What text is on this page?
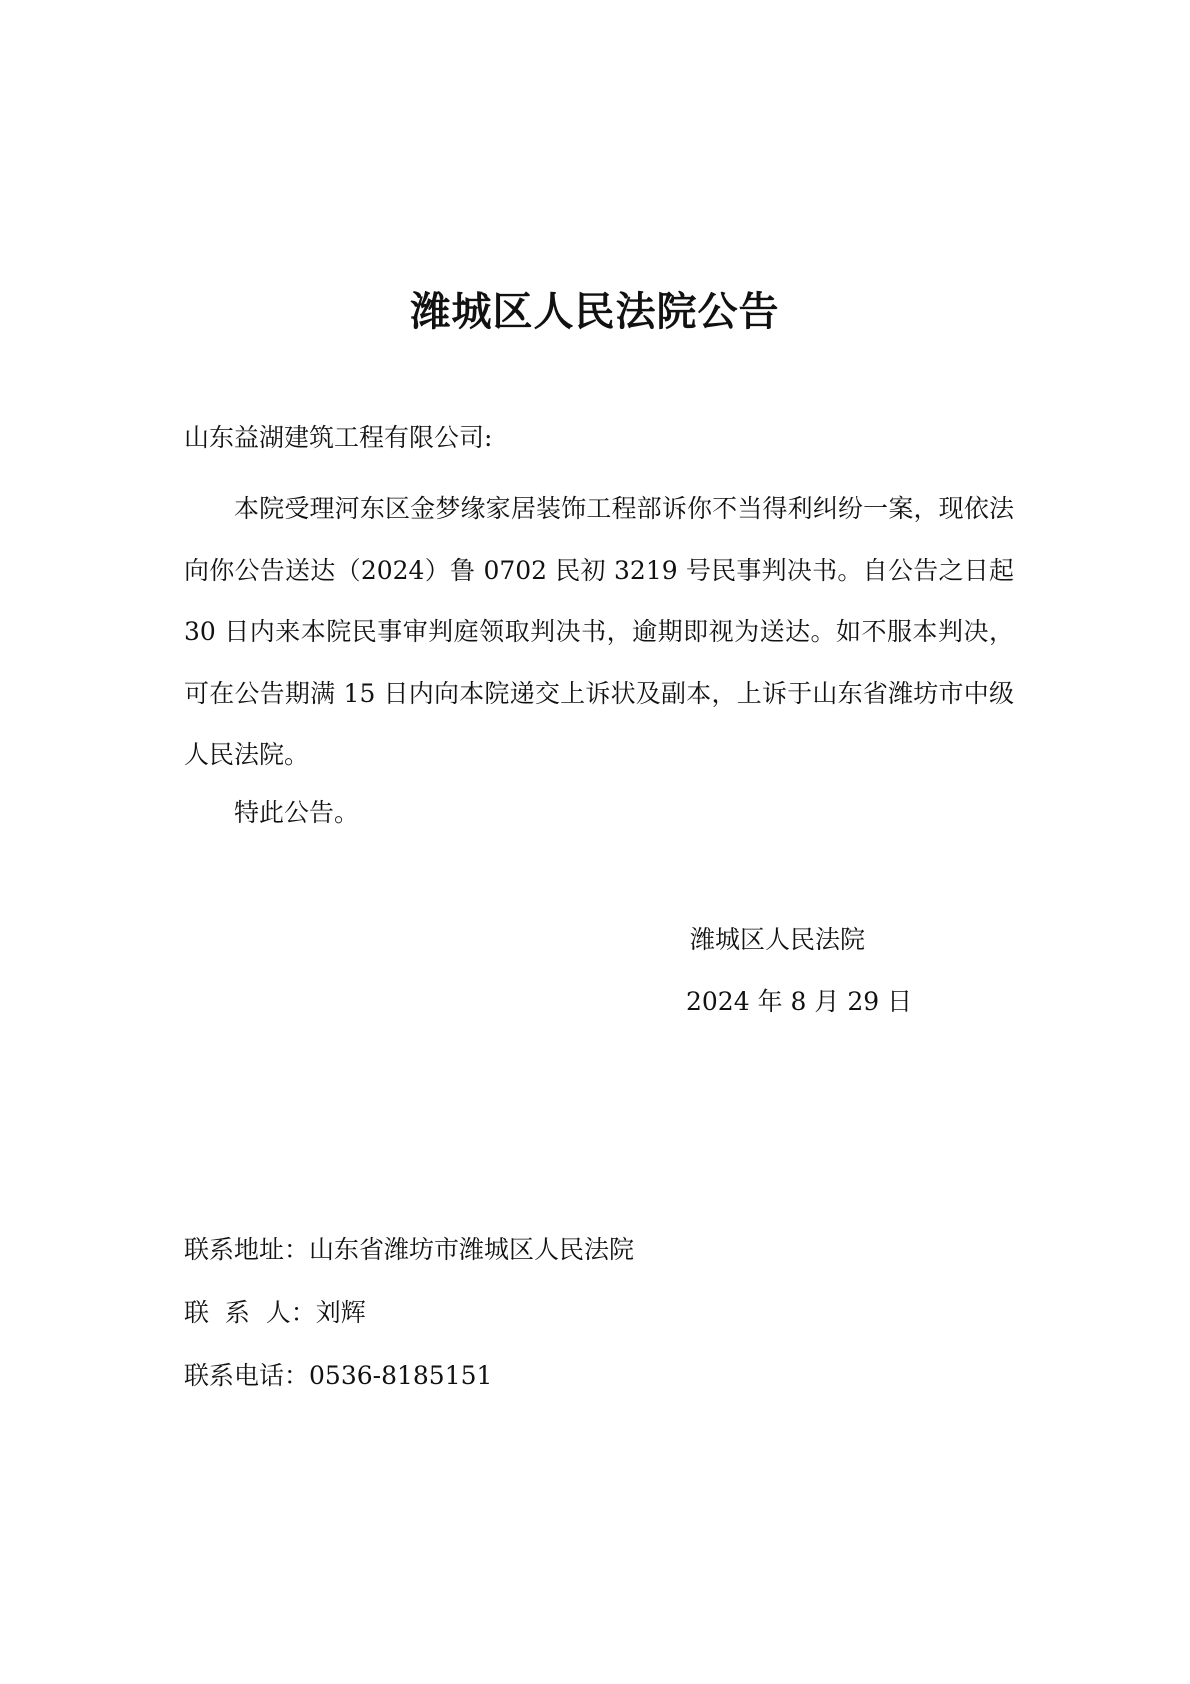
潍城区人民法院公告
山东益湖建筑工程有限公司:

本院受理河东区金梦缘家居装饰工程部诉你不当得利纠纷一案，现依法向你公告送达（2024）鲁 0702 民初 3219 号民事判决书。自公告之日起 30 日内来本院民事审判庭领取判决书，逾期即视为送达。如不服本判决，可在公告期满 15 日内向本院递交上诉状及副本，上诉于山东省潍坊市中级人民法院。

特此公告。
潍城区人民法院
2024 年 8 月 29 日
联系地址：山东省潍坊市潍城区人民法院
联  系  人：刘辉
联系电话：0536-8185151
